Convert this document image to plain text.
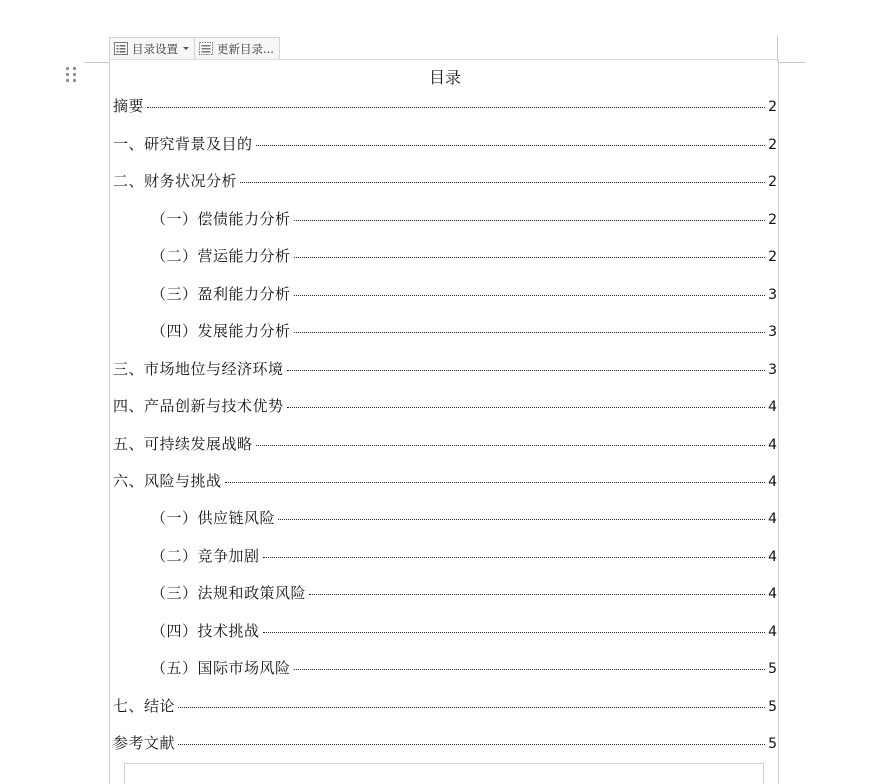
目录设置	更新目录...
目录
摘要	2
一、研究背景及目的	2
二、财务状况分析	2
（一）偿债能力分析	2
（二）营运能力分析	2
（三）盈利能力分析	3
（四）发展能力分析	3
三、市场地位与经济环境	3
四、产品创新与技术优势	4
五、可持续发展战略	4
六、风险与挑战	4
（一）供应链风险	4
（二）竞争加剧	4
（三）法规和政策风险	4
（四）技术挑战	4
（五）国际市场风险	5
七、结论	5
参考文献	5
